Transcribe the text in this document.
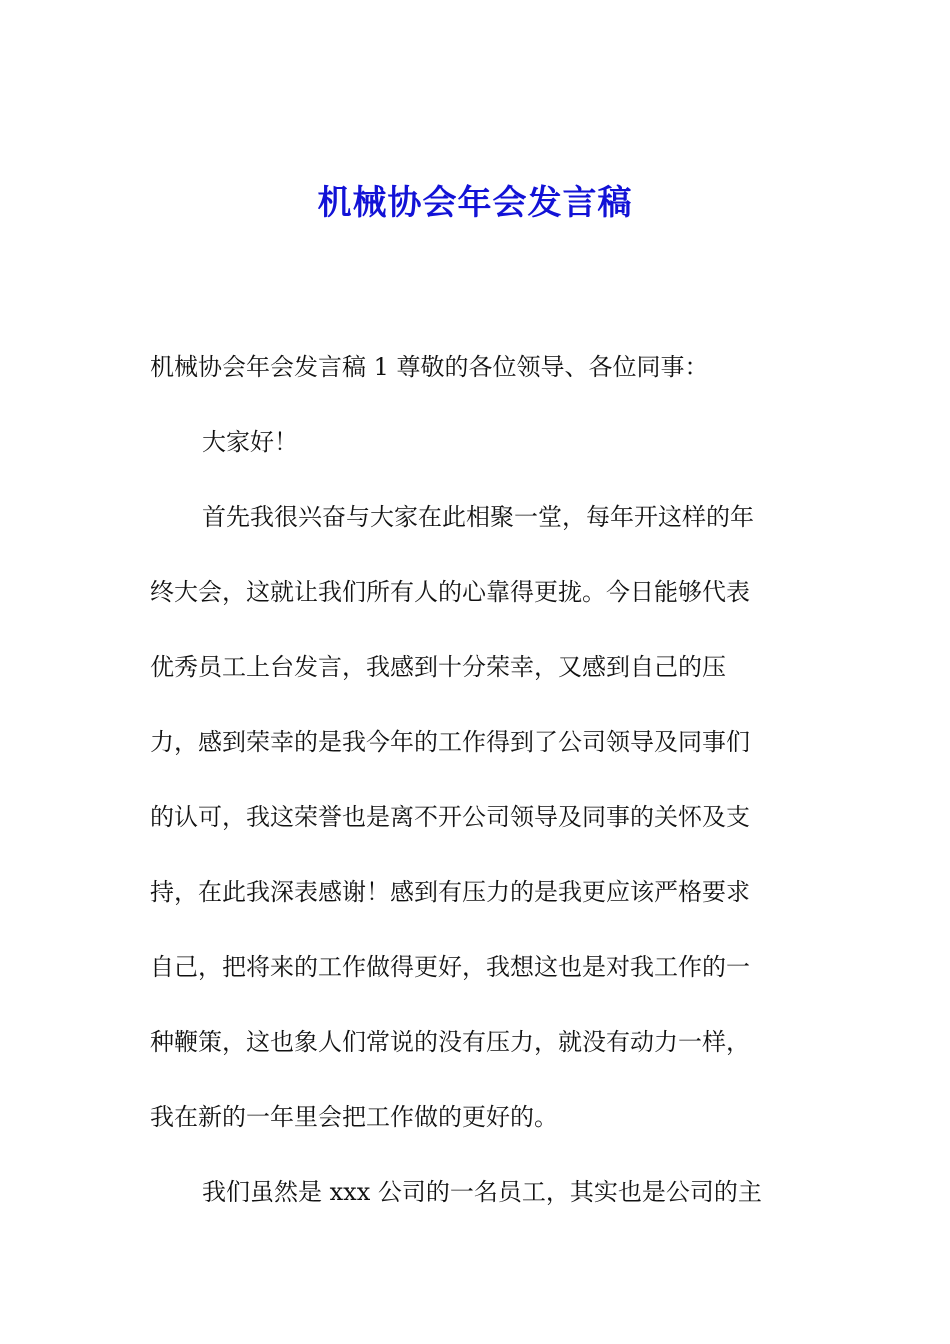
机械协会年会发言稿
机械协会年会发言稿 1 尊敬的各位领导、各位同事：
大家好！
首先我很兴奋与大家在此相聚一堂，每年开这样的年
终大会，这就让我们所有人的心靠得更拢。今日能够代表
优秀员工上台发言，我感到十分荣幸，又感到自己的压
力，感到荣幸的是我今年的工作得到了公司领导及同事们
的认可，我这荣誉也是离不开公司领导及同事的关怀及支
持，在此我深表感谢！感到有压力的是我更应该严格要求
自己，把将来的工作做得更好，我想这也是对我工作的一
种鞭策，这也象人们常说的没有压力，就没有动力一样，
我在新的一年里会把工作做的更好的。
我们虽然是 xxx 公司的一名员工，其实也是公司的主
